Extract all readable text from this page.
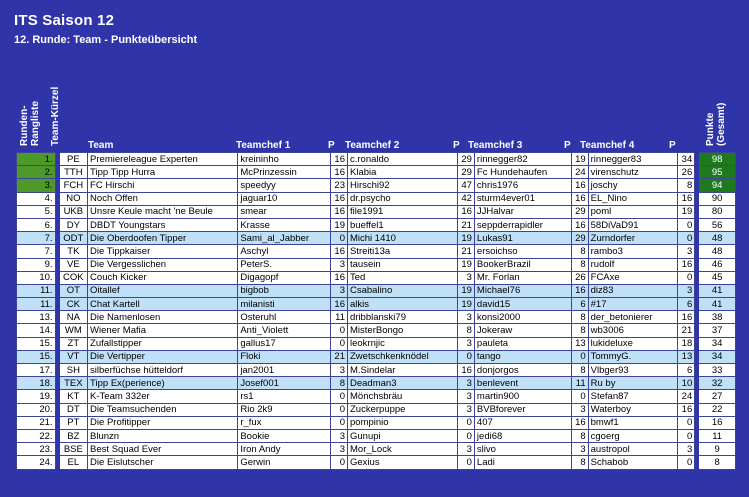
ITS Saison 12
12. Runde: Team - Punkteübersicht
Runden-
Rangliste Team-Kürzel	Team	Teamchef 1	P Teamchef 2	P Teamchef 3	P Teamchef 4	P	Punkte
(Gesamt)
1.		PE	Premiereleague Experten	kreininho	16	c.ronaldo	29	rinnegger82	19	rinnegger83	34		98
2.		TTH	Tipp Tipp Hurra	McPrinzessin	16	Klabia	29	Fc Hundehaufen	24	virenschutz	26		95
3.		FCH	FC Hirschi	speedyy	23	Hirschi92	47	chris1976	16	joschy	8		94
4.		NO	Noch Offen	jaguar10	16	dr.psycho	42	sturm4ever01	16	EL_Nino	16		90
5.		UKB	Unsre Keule macht 'ne Beule	smear	16	file1991	16	JJHalvar	29	poml	19		80
6.		DY	DBDT Youngstars	Krasse	19	bueffel1	21	seppderrapidler	16	58DiVaD91	0		56
7.		ODT	Die Oberdoofen Tipper	Sami_al_Jabber	0	Michi 1410	19	Lukas91	29	Zurndorfer	0		48
7.		TK	Die Tippkaiser	Aschyl	16	Streiti13a	21	ersoichso	8	rambo3	3		48
9.		VE	Die Vergesslichen	PeterS.	3	tausein	19	BookerBrazil	8	rudolf	16		46
10.		COK	Couch Kicker	Digagopf	16	Ted	3	Mr. Forlan	26	FCAxe	0		45
11.		OT	Oitallef	bigbob	3	Csabalino	19	Michael76	16	diz83	3		41
11.		CK	Chat Kartell	milanisti	16	alkis	19	david15	6	#17	6		41
13.		NA	Die Namenlosen	Osteruhl	11	dribblanski79	3	konsi2000	8	der_betonierer	16		38
14.		WM	Wiener Mafia	Anti_Violett	0	MisterBongo	8	Jokeraw	8	wb3006	21		37
15.		ZT	Zufallstipper	gallus17	0	leokrnjic	3	pauleta	13	lukideluxe	18		34
15.		VT	Die Vertipper	Floki	21	Zwetschkenknödel	0	tango	0	TommyG.	13		34
17.		SH	silberfüchse hütteldorf	jan2001	3	M.Sindelar	16	donjorgos	8	Vlbger93	6		33
18.		TEX	Tipp Ex(perience)	Josef001	8	Deadman3	3	benlevent	11	Ru by	10		32
19.		KT	K-Team 332er	rs1	0	Mönchsbräu	3	martin900	0	Stefan87	24		27
20.		DT	Die Teamsuchenden	Rio 2k9	0	Zuckerpuppe	3	BVBforever	3	Waterboy	16		22
21.		PT	Die Profitipper	r_fux	0	pompinio	0	407	16	bmwf1	0		16
22.		BZ	Blunzn	Bookie	3	Gunupi	0	jedi68	8	cgoerg	0		11
23.		BSE	Best Squad Ever	Iron Andy	3	Mor_Lock	3	slivo	3	austropol	3		9
24.		EL	Die Eislutscher	Gerwin	0	Gexius	0	Ladi	8	Schabob	0		8
